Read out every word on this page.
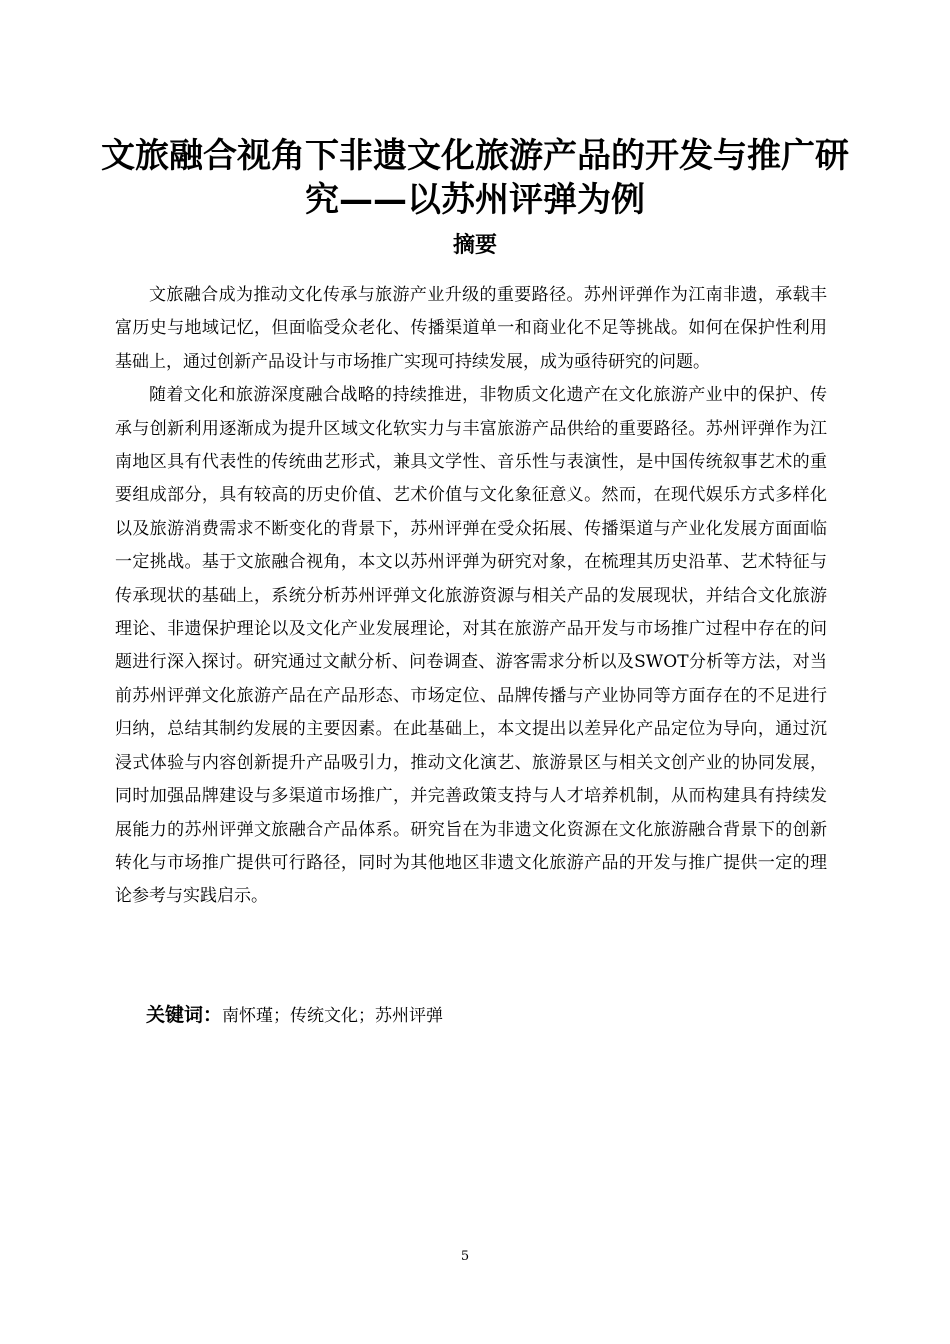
文旅融合视角下非遗文化旅游产品的开发与推广研究——以苏州评弹为例
摘要

文旅融合成为推动文化传承与旅游产业升级的重要路径。苏州评弹作为江南非遗，承载丰富历史与地域记忆，但面临受众老化、传播渠道单一和商业化不足等挑战。如何在保护性利用基础上，通过创新产品设计与市场推广实现可持续发展，成为亟待研究的问题。

随着文化和旅游深度融合战略的持续推进，非物质文化遗产在文化旅游产业中的保护、传承与创新利用逐渐成为提升区域文化软实力与丰富旅游产品供给的重要路径。苏州评弹作为江南地区具有代表性的传统曲艺形式，兼具文学性、音乐性与表演性，是中国传统叙事艺术的重要组成部分，具有较高的历史价值、艺术价值与文化象征意义。然而，在现代娱乐方式多样化以及旅游消费需求不断变化的背景下，苏州评弹在受众拓展、传播渠道与产业化发展方面面临一定挑战。基于文旅融合视角，本文以苏州评弹为研究对象，在梳理其历史沿革、艺术特征与传承现状的基础上，系统分析苏州评弹文化旅游资源与相关产品的发展现状，并结合文化旅游理论、非遗保护理论以及文化产业发展理论，对其在旅游产品开发与市场推广过程中存在的问题进行深入探讨。研究通过文献分析、问卷调查、游客需求分析以及SWOT分析等方法，对当前苏州评弹文化旅游产品在产品形态、市场定位、品牌传播与产业协同等方面存在的不足进行归纳，总结其制约发展的主要因素。在此基础上，本文提出以差异化产品定位为导向，通过沉浸式体验与内容创新提升产品吸引力，推动文化演艺、旅游景区与相关文创产业的协同发展，同时加强品牌建设与多渠道市场推广，并完善政策支持与人才培养机制，从而构建具有持续发展能力的苏州评弹文旅融合产品体系。研究旨在为非遗文化资源在文化旅游融合背景下的创新转化与市场推广提供可行路径，同时为其他地区非遗文化旅游产品的开发与推广提供一定的理论参考与实践启示。

关键词：南怀瑾；传统文化；苏州评弹
5
